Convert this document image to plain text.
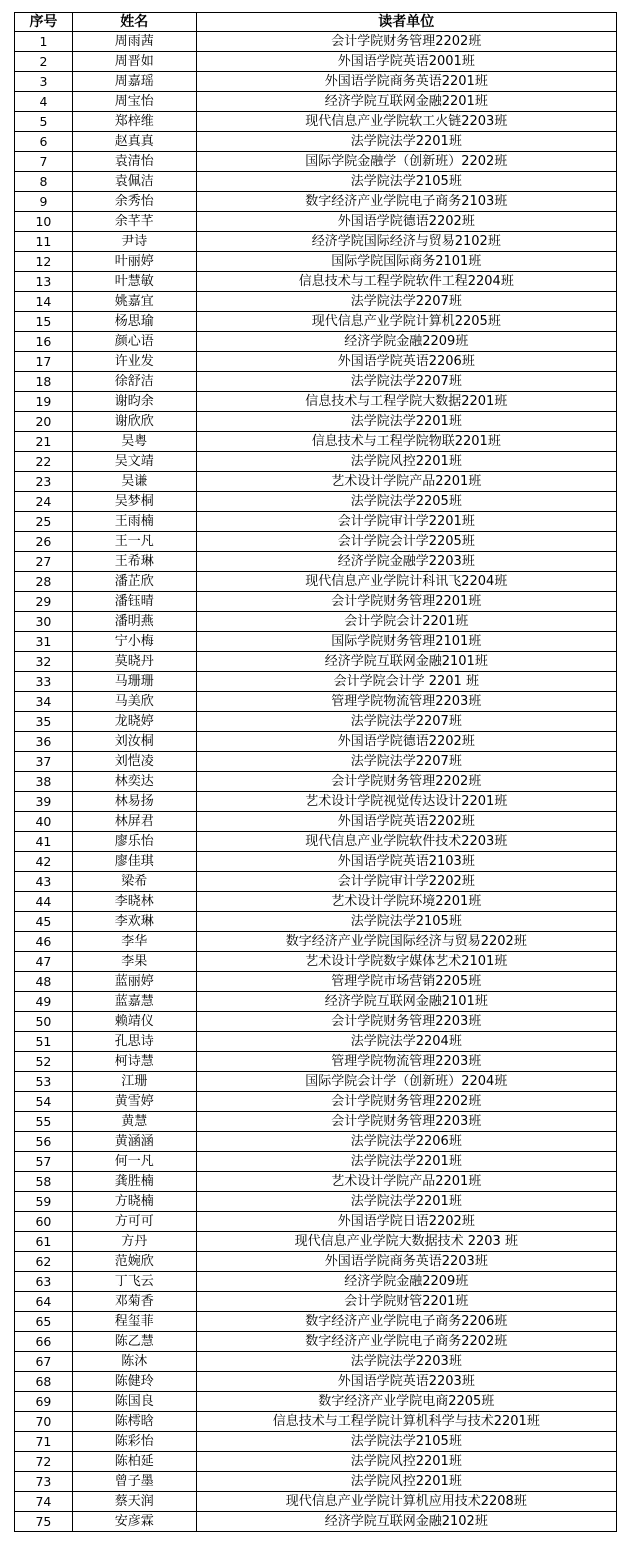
序号	姓名	读者单位
1	周雨茜	会计学院财务管理2202班
2	周晋如	外国语学院英语2001班
3	周嘉瑶	外国语学院商务英语2201班
4	周宝怡	经济学院互联网金融2201班
5	郑梓维	现代信息产业学院软工火链2203班
6	赵真真	法学院法学2201班
7	袁清怡	国际学院金融学（创新班）2202班
8	袁佩洁	法学院法学2105班
9	余秀怡	数字经济产业学院电子商务2103班
10	余芊芊	外国语学院德语2202班
11	尹诗	经济学院国际经济与贸易2102班
12	叶丽婷	国际学院国际商务2101班
13	叶慧敏	信息技术与工程学院软件工程2204班
14	姚嘉宜	法学院法学2207班
15	杨思瑜	现代信息产业学院计算机2205班
16	颜心语	经济学院金融2209班
17	许业发	外国语学院英语2206班
18	徐舒洁	法学院法学2207班
19	谢昀余	信息技术与工程学院大数据2201班
20	谢欣欣	法学院法学2201班
21	吴粤	信息技术与工程学院物联2201班
22	吴文靖	法学院风控2201班
23	吴谦	艺术设计学院产品2201班
24	吴梦桐	法学院法学2205班
25	王雨楠	会计学院审计学2201班
26	王一凡	会计学院会计学2205班
27	王希琳	经济学院金融学2203班
28	潘芷欣	现代信息产业学院计科讯飞2204班
29	潘钰晴	会计学院财务管理2201班
30	潘明燕	会计学院会计2201班
31	宁小梅	国际学院财务管理2101班
32	莫晓丹	经济学院互联网金融2101班
33	马珊珊	会计学院会计学 2201 班
34	马美欣	管理学院物流管理2203班
35	龙晓婷	法学院法学2207班
36	刘汝桐	外国语学院德语2202班
37	刘恺凌	法学院法学2207班
38	林奕达	会计学院财务管理2202班
39	林易扬	艺术设计学院视觉传达设计2201班
40	林屏君	外国语学院英语2202班
41	廖乐怡	现代信息产业学院软件技术2203班
42	廖佳琪	外国语学院英语2103班
43	梁希	会计学院审计学2202班
44	李晓林	艺术设计学院环境2201班
45	李欢琳	法学院法学2105班
46	李华	数字经济产业学院国际经济与贸易2202班
47	李果	艺术设计学院数字媒体艺术2101班
48	蓝丽婷	管理学院市场营销2205班
49	蓝嘉慧	经济学院互联网金融2101班
50	赖靖仪	会计学院财务管理2203班
51	孔思诗	法学院法学2204班
52	柯诗慧	管理学院物流管理2203班
53	江珊	国际学院会计学（创新班）2204班
54	黄雪婷	会计学院财务管理2202班
55	黄慧	会计学院财务管理2203班
56	黄涵涵	法学院法学2206班
57	何一凡	法学院法学2201班
58	龚胜楠	艺术设计学院产品2201班
59	方晓楠	法学院法学2201班
60	方可可	外国语学院日语2202班
61	方丹	现代信息产业学院大数据技术 2203 班
62	范婉欣	外国语学院商务英语2203班
63	丁飞云	经济学院金融2209班
64	邓菊香	会计学院财管2201班
65	程玺菲	数字经济产业学院电子商务2206班
66	陈乙慧	数字经济产业学院电子商务2202班
67	陈沐	法学院法学2203班
68	陈健玲	外国语学院英语2203班
69	陈国良	数字经济产业学院电商2205班
70	陈樗晗	信息技术与工程学院计算机科学与技术2201班
71	陈彩怡	法学院法学2105班
72	陈柏延	法学院风控2201班
73	曾子墨	法学院风控2201班
74	蔡天润	现代信息产业学院计算机应用技术2208班
75	安彦霖	经济学院互联网金融2102班
